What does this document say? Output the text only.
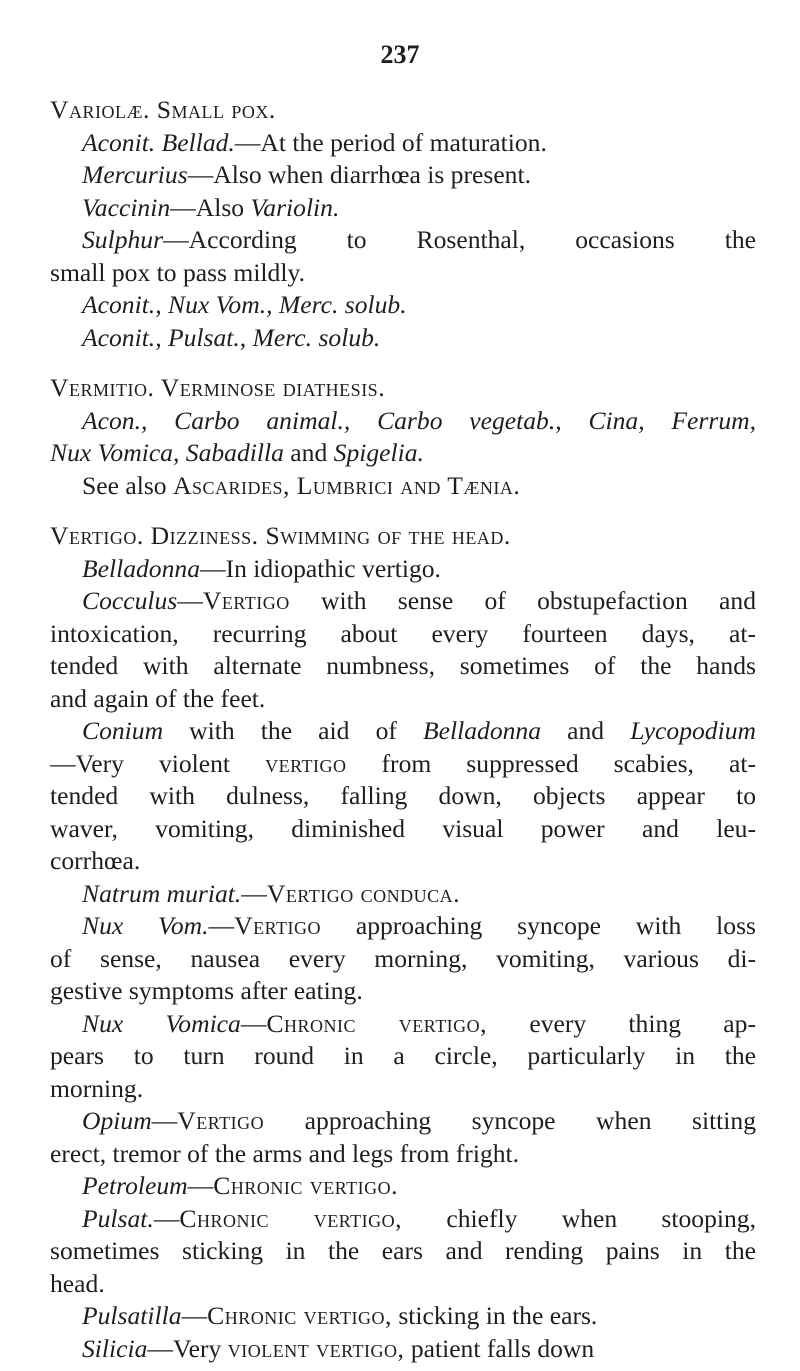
237
Variolæ. Small pox.
Aconit. Bellad.—At the period of maturation.
Mercurius—Also when diarrhœa is present.
Vaccinin—Also Variolin.
Sulphur—According to Rosenthal, occasions the
small pox to pass mildly.
Aconit., Nux Vom., Merc. solub.
Aconit., Pulsat., Merc. solub.
Vermitio. Verminose diathesis.
Acon., Carbo animal., Carbo vegetab., Cina, Ferrum,
Nux Vomica, Sabadilla and Spigelia.
See also Ascarides, Lumbrici and Tænia.
Vertigo. Dizziness. Swimming of the head.
Belladonna—In idiopathic vertigo.
Cocculus—Vertigo with sense of obstupefaction and
intoxication, recurring about every fourteen days, at-
tended with alternate numbness, sometimes of the hands
and again of the feet.
Conium with the aid of Belladonna and Lycopodium
—Very violent vertigo from suppressed scabies, at-
tended with dulness, falling down, objects appear to
waver, vomiting, diminished visual power and leu-
corrhœa.
Natrum muriat.—Vertigo conduca.
Nux Vom.—Vertigo approaching syncope with loss
of sense, nausea every morning, vomiting, various di-
gestive symptoms after eating.
Nux Vomica—Chronic vertigo, every thing ap-
pears to turn round in a circle, particularly in the
morning.
Opium—Vertigo approaching syncope when sitting
erect, tremor of the arms and legs from fright.
Petroleum—Chronic vertigo.
Pulsat.—Chronic vertigo, chiefly when stooping,
sometimes sticking in the ears and rending pains in the
head.
Pulsatilla—Chronic vertigo, sticking in the ears.
Silicia—Very violent vertigo, patient falls down
